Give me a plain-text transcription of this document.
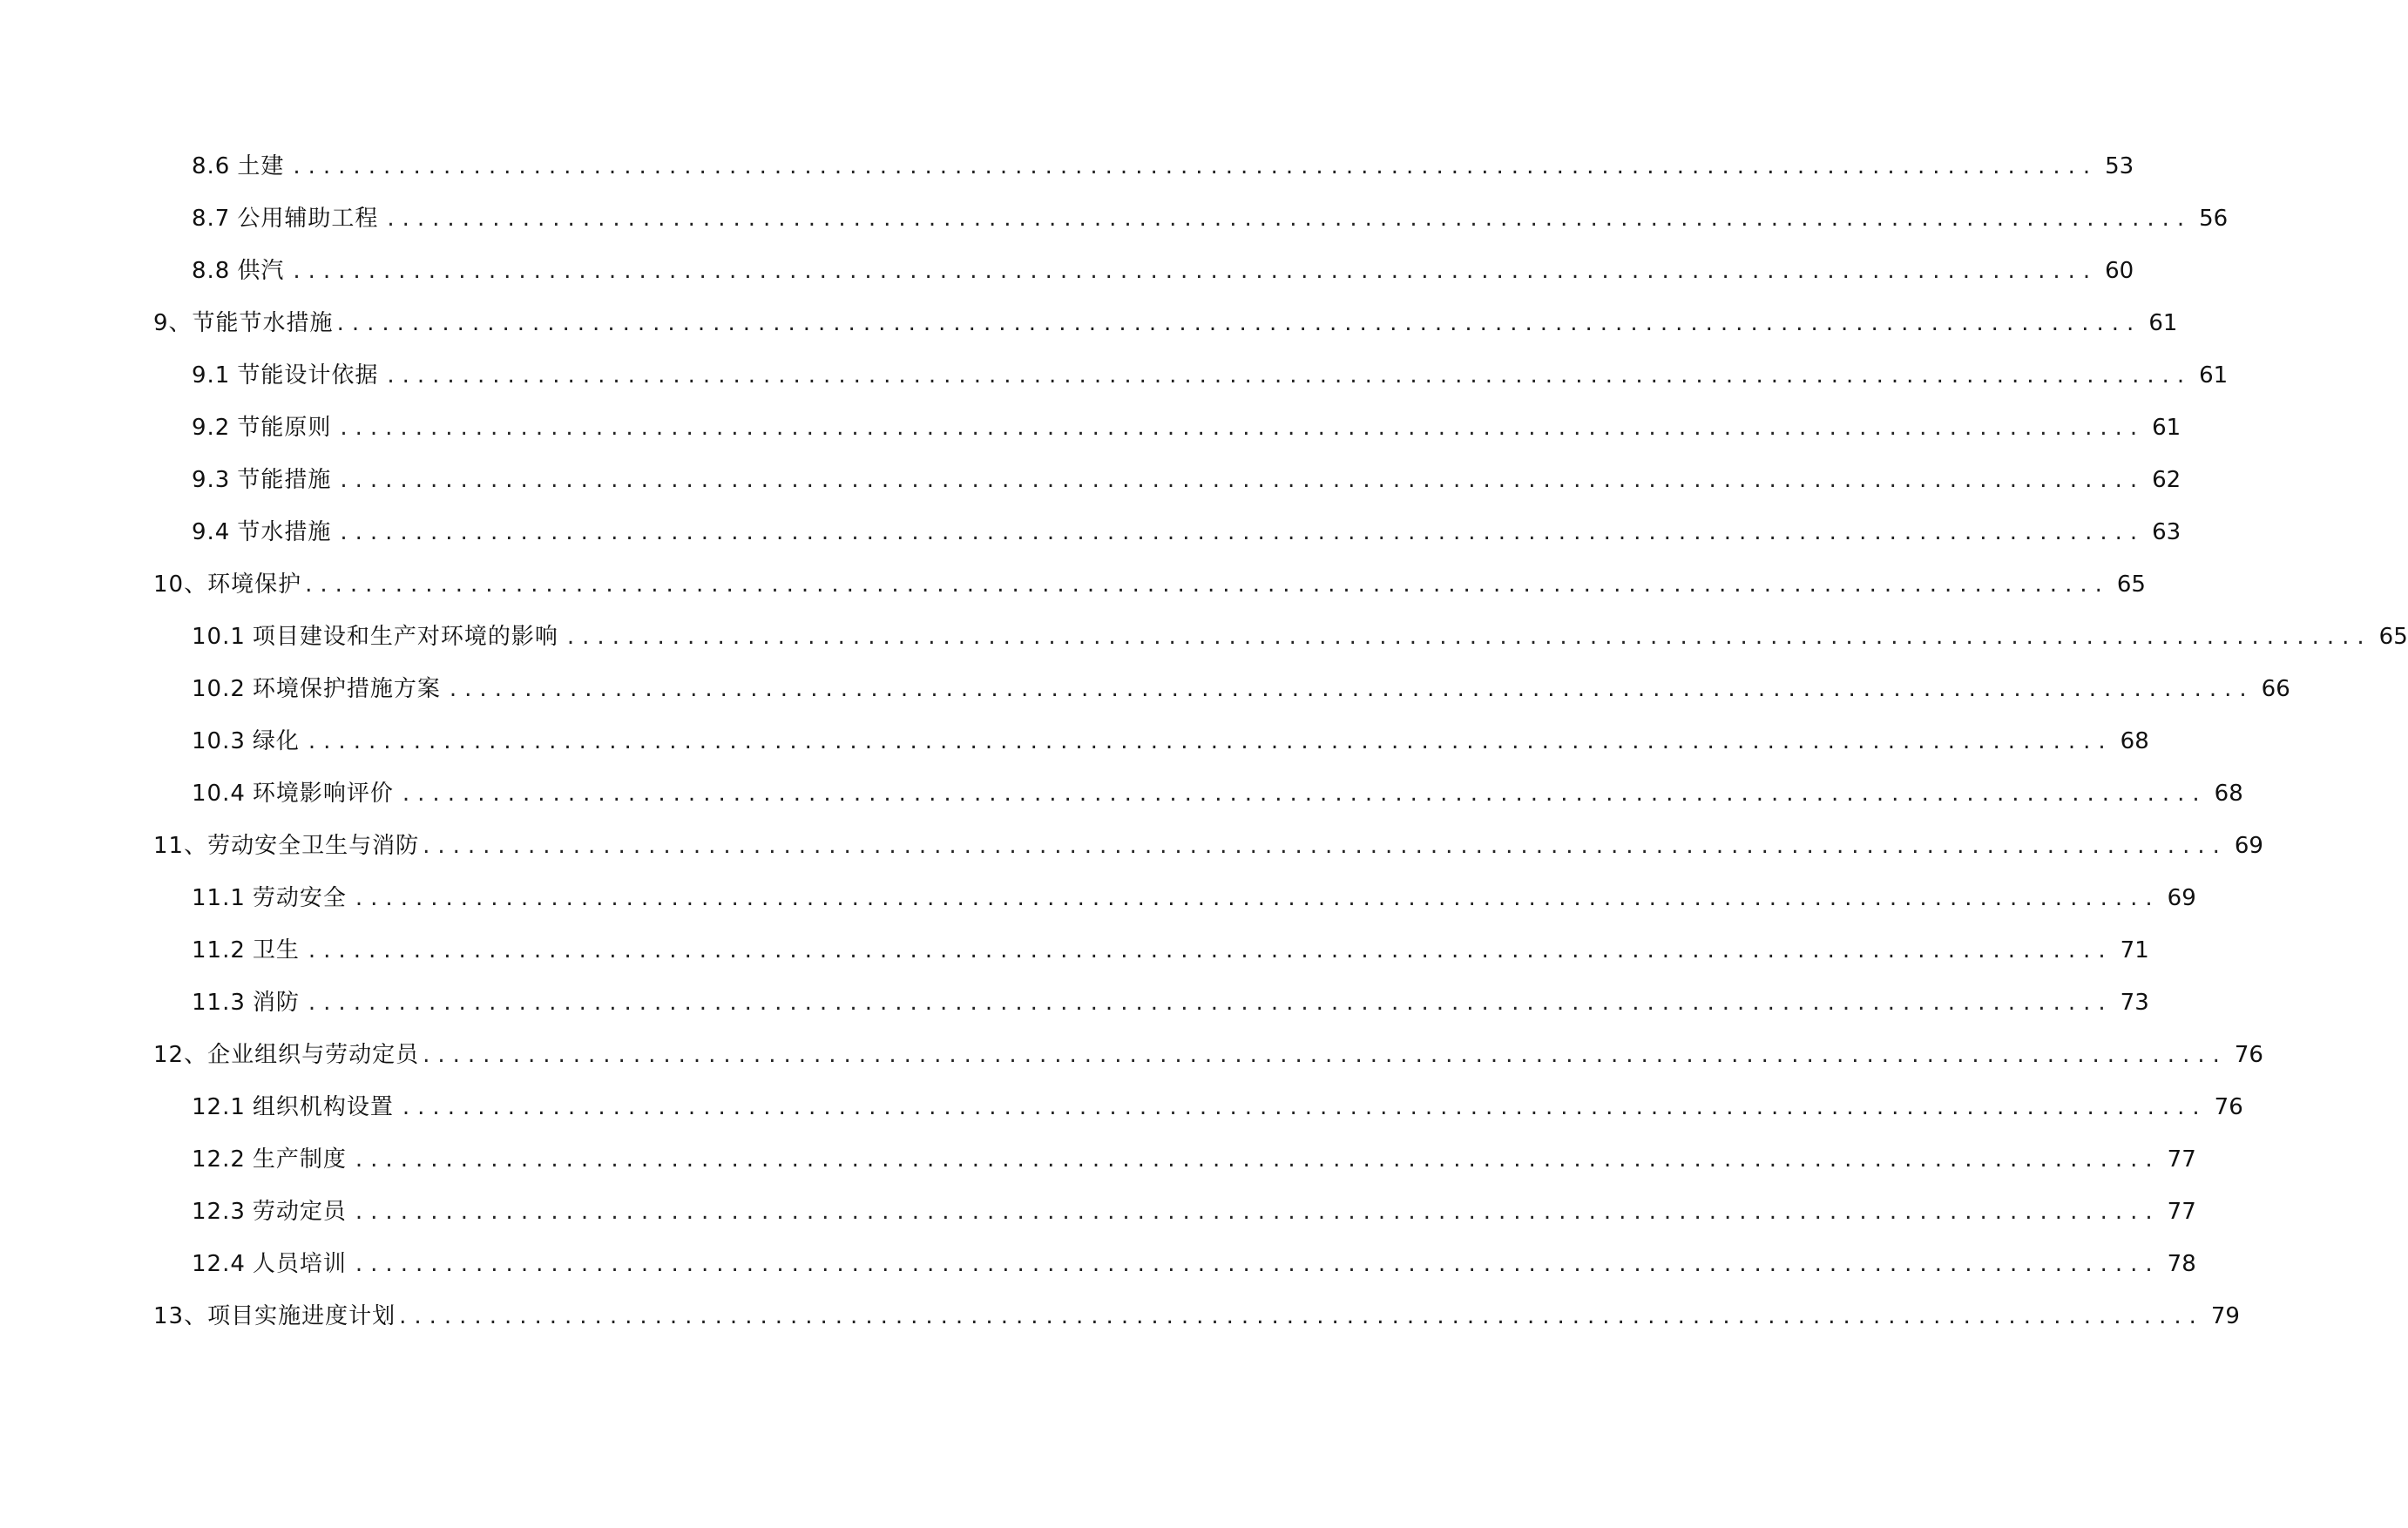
8.6 土建 ........................................................................................................................ 53
8.7 公用辅助工程 ........................................................................................................................ 56
8.8 供汽 ........................................................................................................................ 60
9、 节能节水措施 ........................................................................................................................ 61
9.1 节能设计依据 ........................................................................................................................ 61
9.2 节能原则 ........................................................................................................................ 61
9.3 节能措施 ........................................................................................................................ 62
9.4 节水措施 ........................................................................................................................ 63
10、 环境保护 ........................................................................................................................ 65
10.1 项目建设和生产对环境的影响 ........................................................................................................................ 65
10.2 环境保护措施方案 ........................................................................................................................ 66
10.3 绿化 ........................................................................................................................ 68
10.4 环境影响评价 ........................................................................................................................ 68
11、 劳动安全卫生与消防 ........................................................................................................................ 69
11.1 劳动安全 ........................................................................................................................ 69
11.2 卫生 ........................................................................................................................ 71
11.3 消防 ........................................................................................................................ 73
12、 企业组织与劳动定员 ........................................................................................................................ 76
12.1 组织机构设置 ........................................................................................................................ 76
12.2 生产制度 ........................................................................................................................ 77
12.3 劳动定员 ........................................................................................................................ 77
12.4 人员培训 ........................................................................................................................ 78
13、 项目实施进度计划 ........................................................................................................................ 79
